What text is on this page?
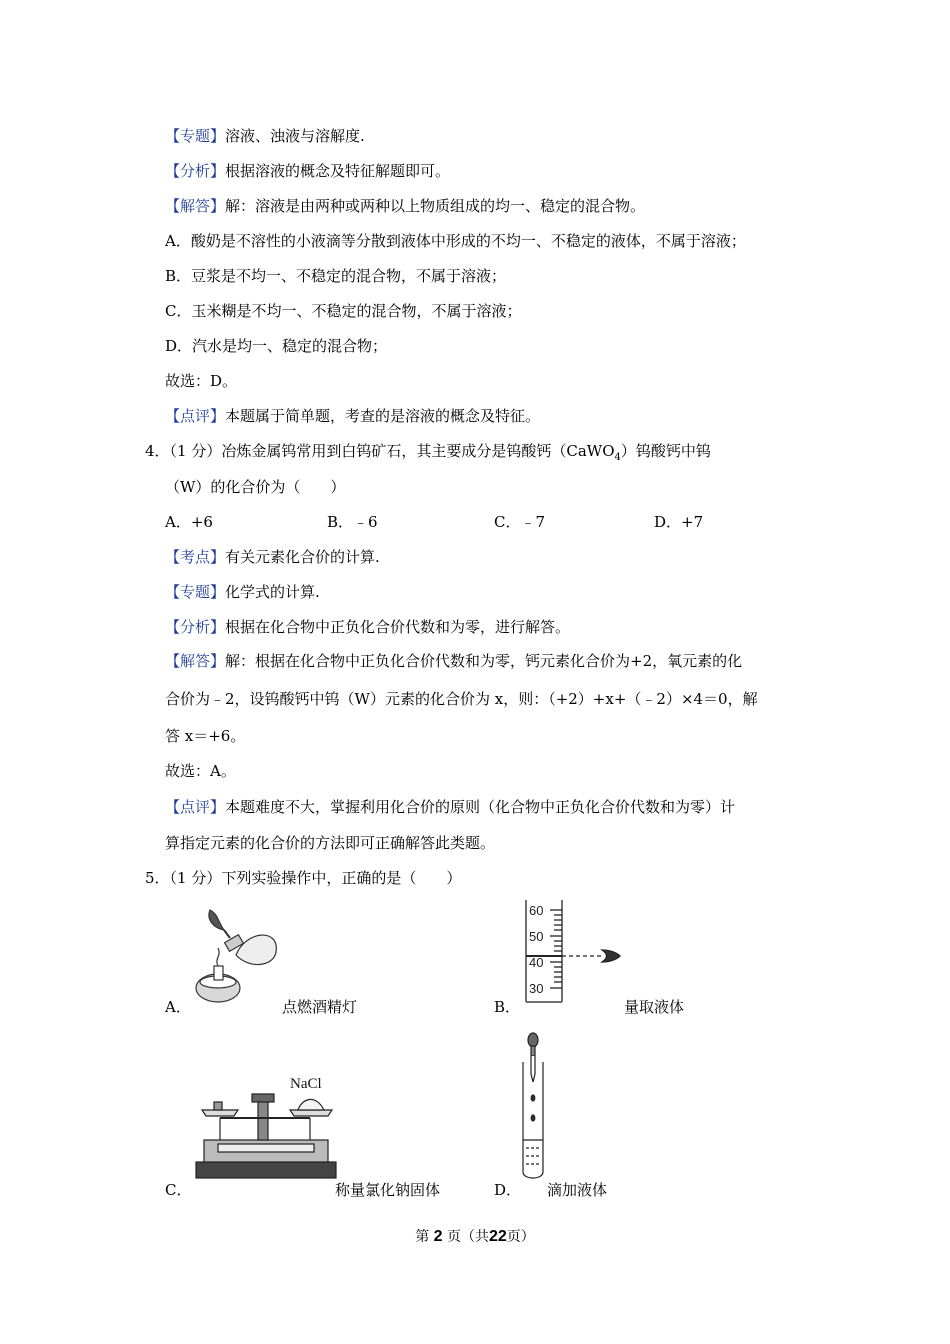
【专题】溶液、浊液与溶解度.
【分析】根据溶液的概念及特征解题即可。
【解答】解：溶液是由两种或两种以上物质组成的均一、稳定的混合物。
A．酸奶是不溶性的小液滴等分散到液体中形成的不均一、不稳定的液体，不属于溶液；
B．豆浆是不均一、不稳定的混合物，不属于溶液；
C．玉米糊是不均一、不稳定的混合物，不属于溶液；
D．汽水是均一、稳定的混合物；
故选：D。
【点评】本题属于简单题，考查的是溶液的概念及特征。
4．（1 分）冶炼金属钨常用到白钨矿石，其主要成分是钨酸钙（CaWO$_4$）钨酸钙中钨
（W）的化合价为（　　）
A．+6	B．﹣6	C．﹣7	D．+7
【考点】有关元素化合价的计算.
【专题】化学式的计算.
【分析】根据在化合物中正负化合价代数和为零，进行解答。
【解答】解：根据在化合物中正负化合价代数和为零，钙元素化合价为+2，氧元素的化
合价为﹣2，设钨酸钙中钨（W）元素的化合价为 x，则：（+2）+x+（﹣2）×4＝0，解
答 x＝+6。
故选：A。
【点评】本题难度不大，掌握利用化合价的原则（化合物中正负化合价代数和为零）计
算指定元素的化合价的方法即可正确解答此类题。
5．（1 分）下列实验操作中，正确的是（　　）
A．	点燃酒精灯
60
50
40
30
B．	量取液体
NaCl
C．	称量氯化钠固体	D． 滴加液体
第 2 页（共22页）
